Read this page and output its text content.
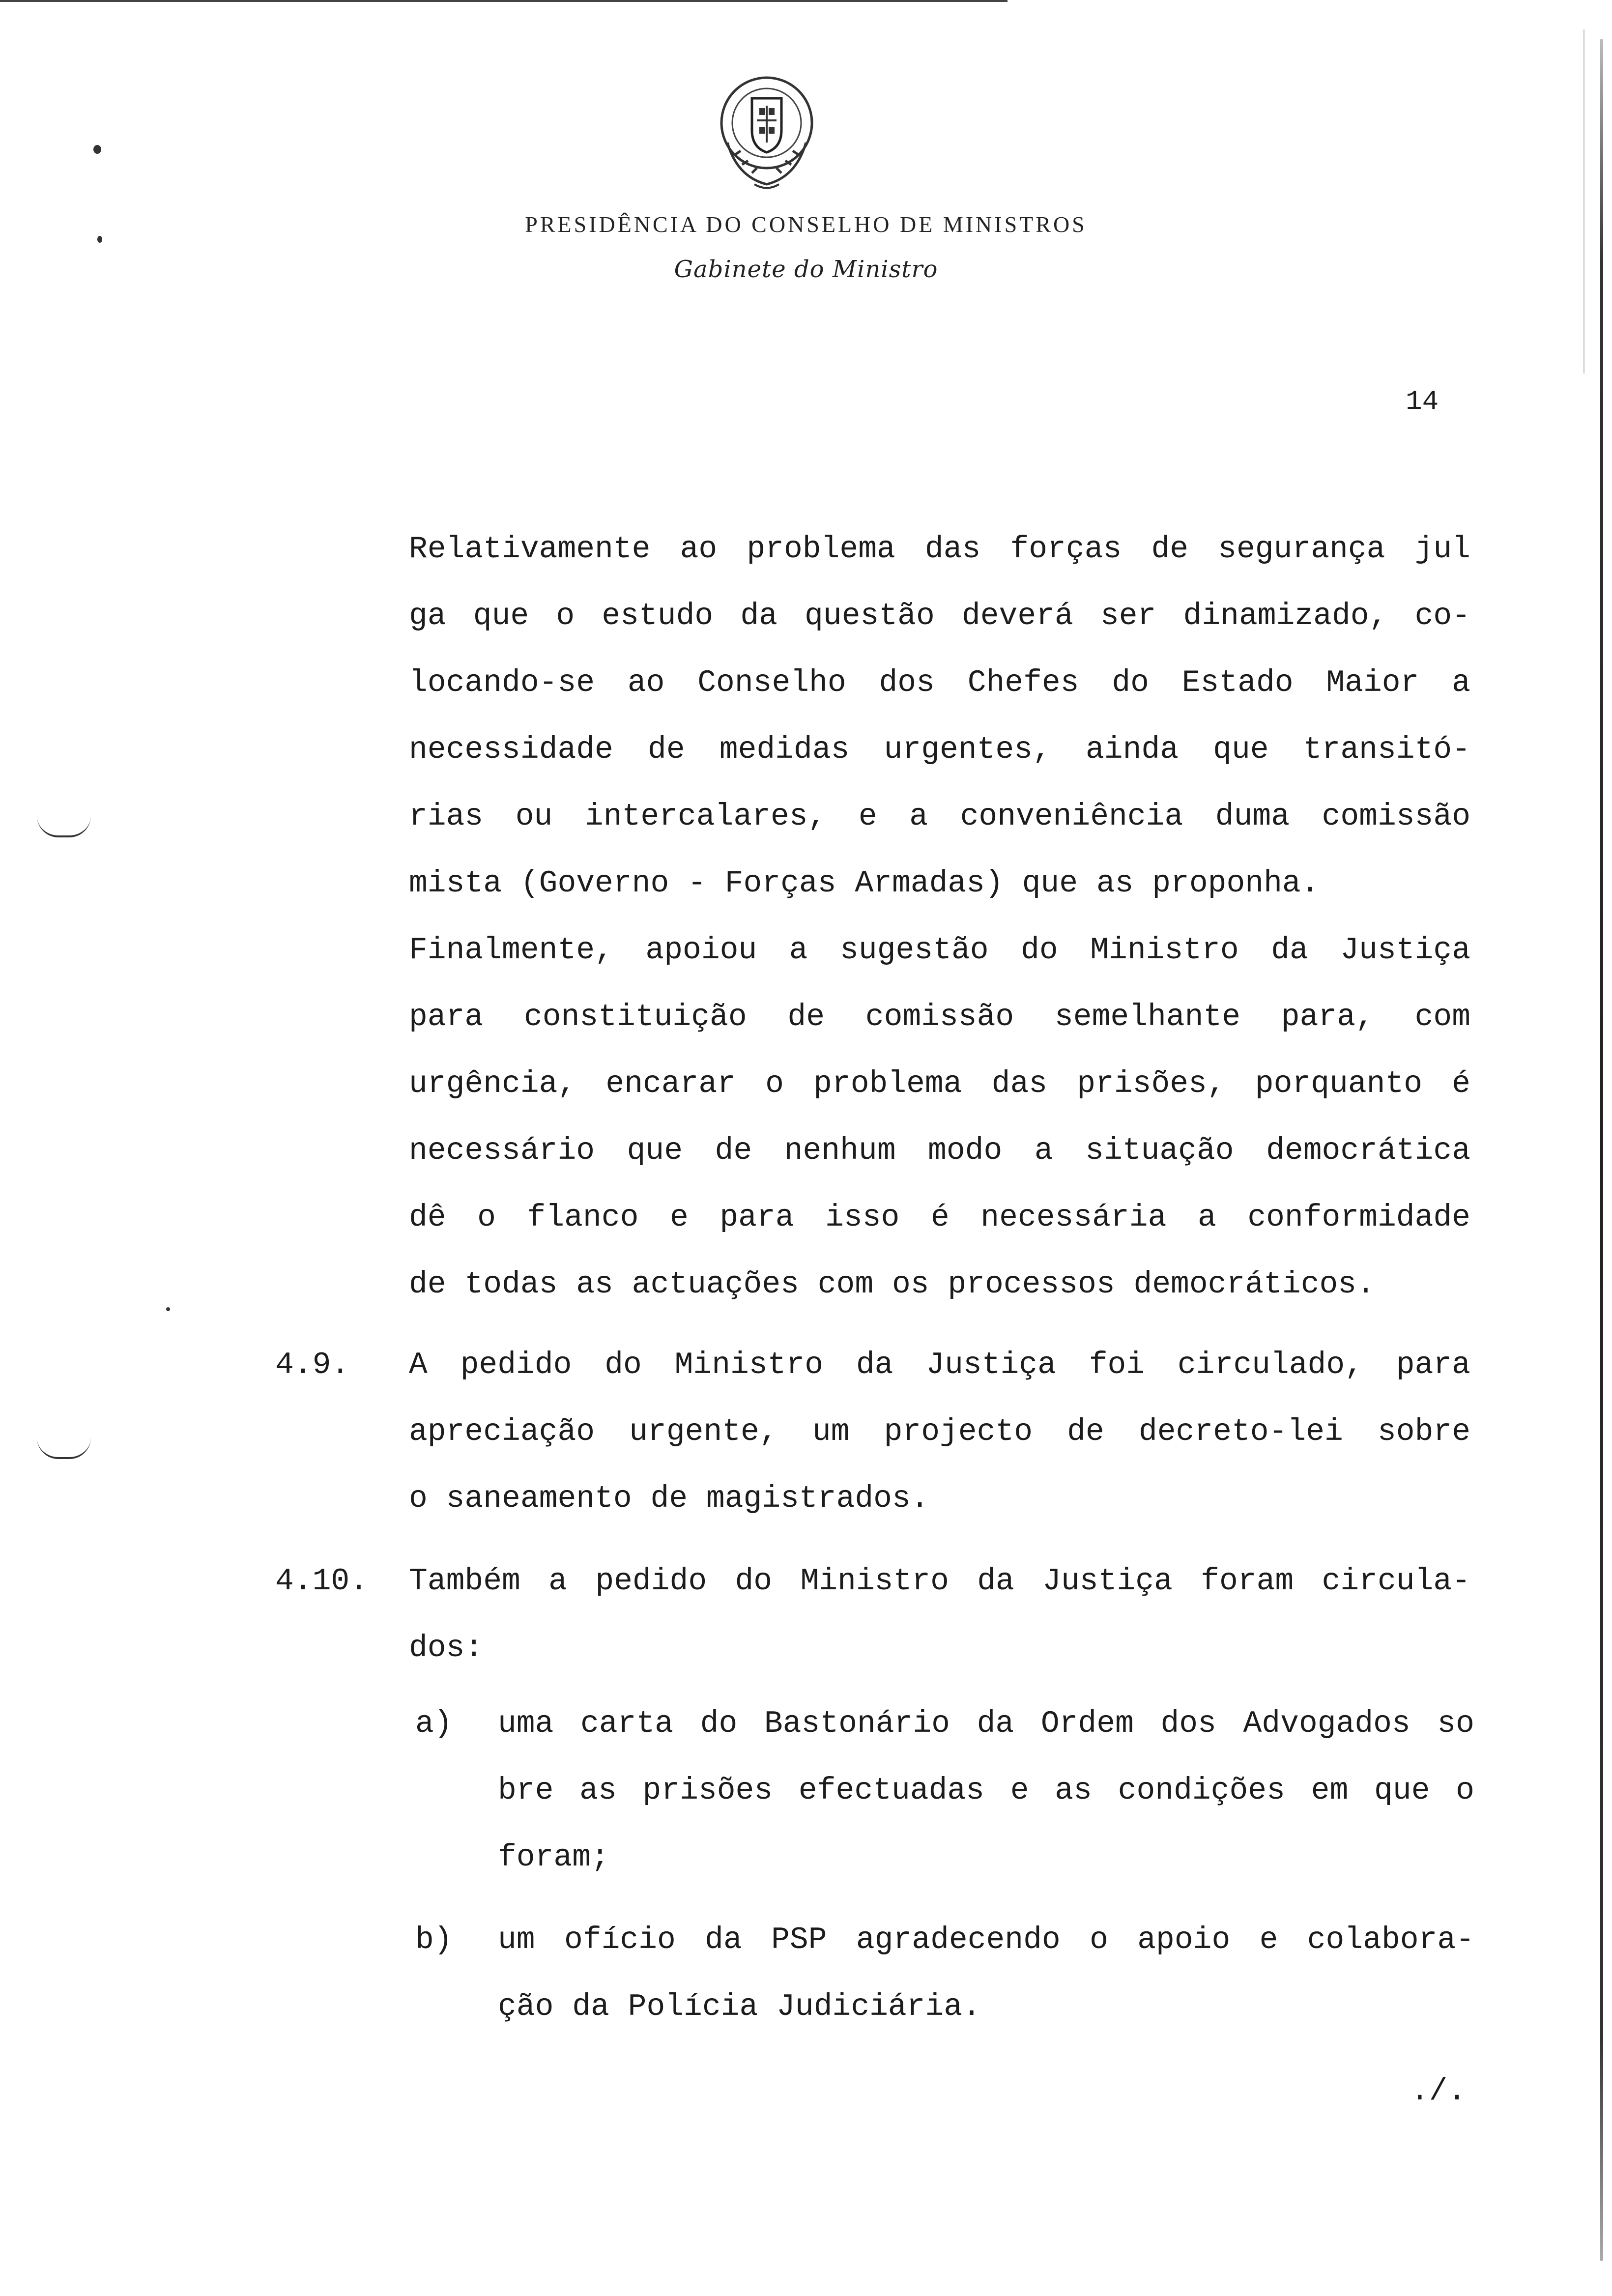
PRESIDÊNCIA DO CONSELHO DE MINISTROS
Gabinete do Ministro
14
Relativamente ao problema das forças de segurança jul
ga que o estudo da questão deverá ser dinamizado, co-
locando-se ao Conselho dos Chefes do Estado Maior a
necessidade de medidas urgentes, ainda que transitó-
rias ou intercalares, e a conveniência duma comissão
mista (Governo - Forças Armadas) que as proponha.
Finalmente, apoiou a sugestão do Ministro da Justiça
para constituição de comissão semelhante para, com
urgência, encarar o problema das prisões, porquanto é
necessário que de nenhum modo a situação democrática
dê o flanco e para isso é necessária a conformidade
de todas as actuações com os processos democráticos.
4.9.	A pedido do Ministro da Justiça foi circulado, para
apreciação urgente, um projecto de decreto-lei sobre
o saneamento de magistrados.
4.10.	Também a pedido do Ministro da Justiça foram circula-
dos:
a) uma carta do Bastonário da Ordem dos Advogados so
bre as prisões efectuadas e as condições em que o
foram;
b) um ofício da PSP agradecendo o apoio e colabora-
ção da Polícia Judiciária.
./.
